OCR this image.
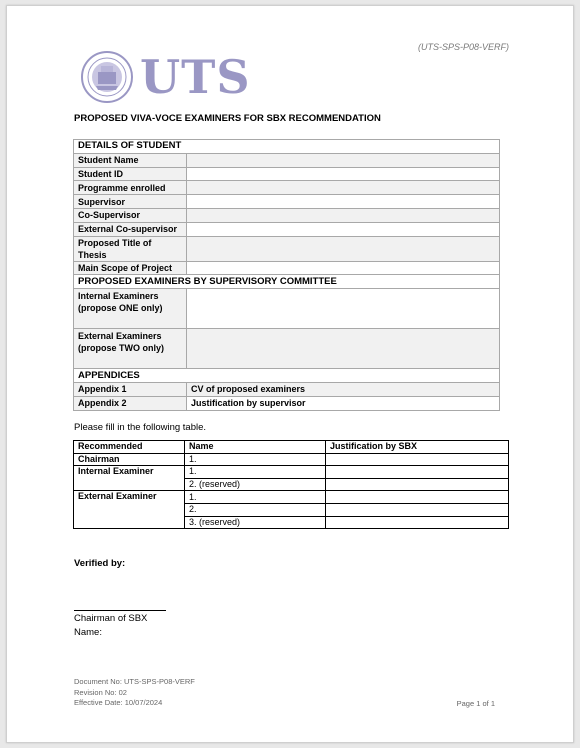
(UTS-SPS-P08-VERF)
UTS
PROPOSED VIVA-VOCE EXAMINERS FOR SBX RECOMMENDATION
DETAILS OF STUDENT	
Student Name	
Student ID	
Programme enrolled	
Supervisor	
Co-Supervisor	
External Co-supervisor	
Proposed Title of Thesis	
Main Scope of Project	
PROPOSED EXAMINERS BY SUPERVISORY COMMITTEE	
Internal Examiners
(propose ONE only)	
External Examiners
(propose TWO only)	
APPENDICES	
Appendix 1	CV of proposed examiners
Appendix 2	Justification by supervisor
Please fill in the following table.
Recommended	Name	Justification by SBX
Chairman	1.	
Internal Examiner	1.	
	2. (reserved)	
External Examiner	1.	
	2.	
	3. (reserved)	
Verified by:
Chairman of SBX
Name:
Document No: UTS-SPS-P08-VERF
Revision No: 02
Effective Date: 10/07/2024	Page 1 of 1
